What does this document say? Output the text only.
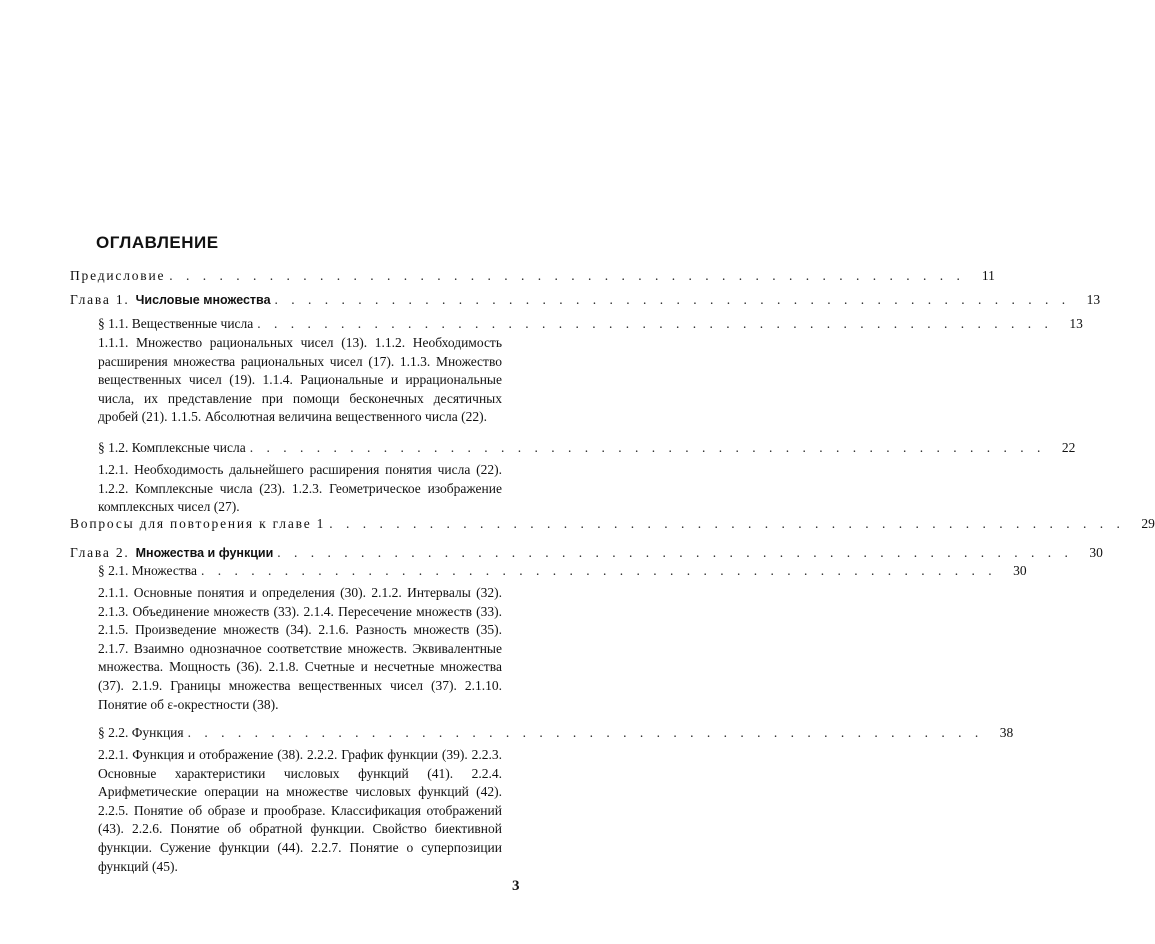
ОГЛАВЛЕНИЕ
Предисловие . . . . . . . . . . . . . . . . . . . . . . . . . . . . . . . . . . . . . . . . . . . . . . . .	11
Глава 1. Числовые множества . . . . . . . . . . . . . . . . . . . . . . . . . . . . . . . . . . . . . . . . . . . . . . . .	13
§ 1.1. Вещественные числа . . . . . . . . . . . . . . . . . . . . . . . . . . . . . . . . . . . . . . . . . . . . . . . .	13
1.1.1. Множество рациональных чисел (13). 1.1.2. Необходимость расширения множества рациональных чисел (17). 1.1.3. Множество вещественных чисел (19). 1.1.4. Рациональные и иррациональные числа, их представление при помощи бесконечных десятичных дробей (21). 1.1.5. Абсолютная величина вещественного числа (22).
§ 1.2. Комплексные числа . . . . . . . . . . . . . . . . . . . . . . . . . . . . . . . . . . . . . . . . . . . . . . . .	22
1.2.1. Необходимость дальнейшего расширения понятия числа (22). 1.2.2. Комплексные числа (23). 1.2.3. Геометрическое изображение комплексных чисел (27).
Вопросы для повторения к главе 1 . . . . . . . . . . . . . . . . . . . . . . . . . . . . . . . . . . . . . . . . . . . . . . . .	29
Глава 2. Множества и функции . . . . . . . . . . . . . . . . . . . . . . . . . . . . . . . . . . . . . . . . . . . . . . . .	30
§ 2.1. Множества . . . . . . . . . . . . . . . . . . . . . . . . . . . . . . . . . . . . . . . . . . . . . . . .	30
2.1.1. Основные понятия и определения (30). 2.1.2. Интервалы (32). 2.1.3. Объединение множеств (33). 2.1.4. Пересечение множеств (33). 2.1.5. Произведение множеств (34). 2.1.6. Разность множеств (35). 2.1.7. Взаимно однозначное соответствие множеств. Эквивалентные множества. Мощность (36). 2.1.8. Счетные и несчетные множества (37). 2.1.9. Границы множества вещественных чисел (37). 2.1.10. Понятие об ε-окрестности (38).
§ 2.2. Функция . . . . . . . . . . . . . . . . . . . . . . . . . . . . . . . . . . . . . . . . . . . . . . . .	38
2.2.1. Функция и отображение (38). 2.2.2. График функции (39). 2.2.3. Основные характеристики числовых функций (41). 2.2.4. Арифметические операции на множестве числовых функций (42). 2.2.5. Понятие об образе и прообразе. Классификация отображений (43). 2.2.6. Понятие об обратной функции. Свойство биективной функции. Сужение функции (44). 2.2.7. Понятие о суперпозиции функций (45).
3
